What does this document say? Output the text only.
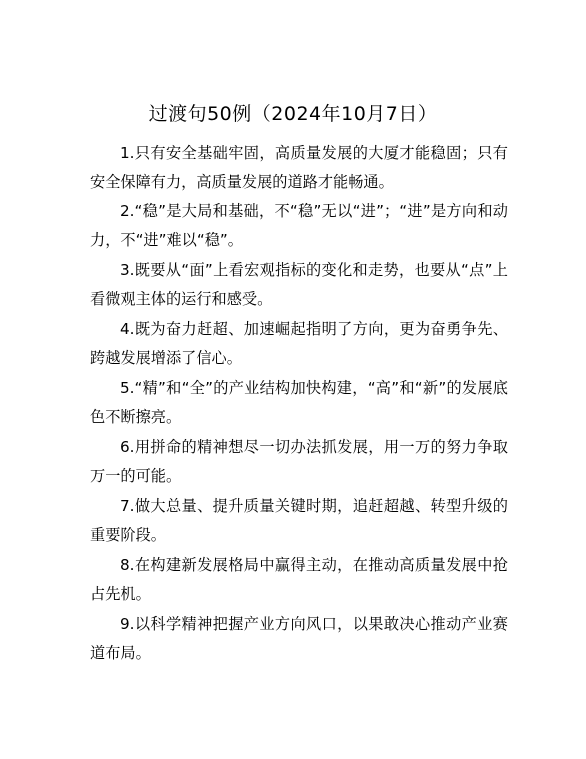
过渡句50例（2024年10月7日）

1.只有安全基础牢固，高质量发展的大厦才能稳固；只有安全保障有力，高质量发展的道路才能畅通。

2.“稳”是大局和基础，不“稳”无以“进”；“进”是方向和动力，不“进”难以“稳”。

3.既要从“面”上看宏观指标的变化和走势，也要从“点”上看微观主体的运行和感受。

4.既为奋力赶超、加速崛起指明了方向，更为奋勇争先、跨越发展增添了信心。

5.“精”和“全”的产业结构加快构建，“高”和“新”的发展底色不断擦亮。

6.用拼命的精神想尽一切办法抓发展，用一万的努力争取万一的可能。

7.做大总量、提升质量关键时期，追赶超越、转型升级的重要阶段。

8.在构建新发展格局中赢得主动，在推动高质量发展中抢占先机。

9.以科学精神把握产业方向风口，以果敢决心推动产业赛道布局。
